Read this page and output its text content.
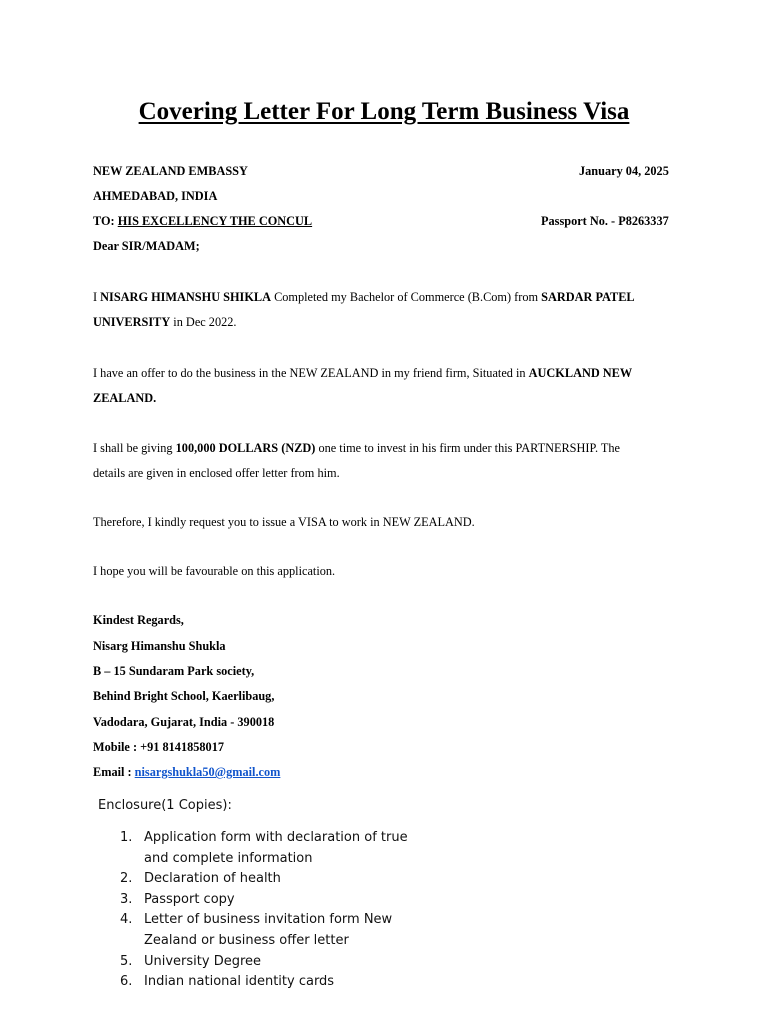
Covering Letter For Long Term Business Visa
NEW ZEALAND EMBASSY	January 04, 2025
AHMEDABAD, INDIA
TO: HIS EXCELLENCY THE CONCUL	Passport No. - P8263337
Dear SIR/MADAM;
I NISARG HIMANSHU SHIKLA Completed my Bachelor of Commerce (B.Com) from SARDAR PATEL
UNIVERSITY in Dec 2022.
I have an offer to do the business in the NEW ZEALAND in my friend firm, Situated in AUCKLAND NEW
ZEALAND.
I shall be giving 100,000 DOLLARS (NZD) one time to invest in his firm under this PARTNERSHIP. The
details are given in enclosed offer letter from him.
Therefore, I kindly request you to issue a VISA to work in NEW ZEALAND.
I hope you will be favourable on this application.
Kindest Regards,
Nisarg Himanshu Shukla
B – 15 Sundaram Park society,
Behind Bright School, Kaerlibaug,
Vadodara, Gujarat, India - 390018
Mobile : +91 8141858017
Email : nisargshukla50@gmail.com
Enclosure(1 Copies):
1. Application form with declaration of true and complete information
2. Declaration of health
3. Passport copy
4. Letter of business invitation form New Zealand or business offer letter
5. University Degree
6. Indian national identity cards
